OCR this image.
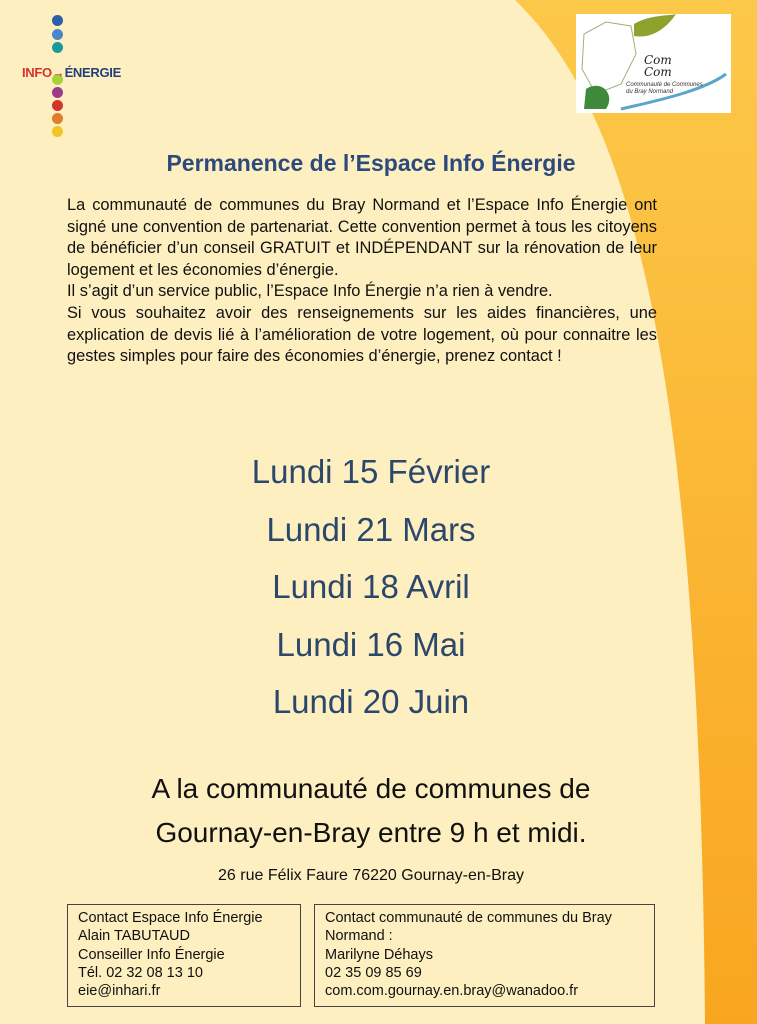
INFO→ÉNERGIE
Com
Com
Communauté de Communes du Bray Normand
Permanence de l’Espace Info Énergie

La communauté de communes du Bray Normand et l’Espace Info Énergie ont signé une convention de partenariat. Cette convention permet à tous les citoyens de bénéficier d’un conseil GRATUIT et INDÉPENDANT sur la rénovation de leur logement et les économies d’énergie.

Il s’agit d’un service public, l’Espace Info Énergie n’a rien à vendre.

Si vous souhaitez avoir des renseignements sur les aides financières, une explication de devis lié à l’amélioration de votre logement, où pour connaitre les gestes simples pour faire des économies d’énergie, prenez contact !

Lundi 15 Février
Lundi 21 Mars
Lundi 18 Avril
Lundi 16 Mai
Lundi 20 Juin
A la communauté de communes de
Gournay-en-Bray entre 9 h et midi.
26 rue Félix Faure 76220 Gournay-en-Bray
Contact Espace Info Énergie
Alain TABUTAUD
Conseiller Info Énergie
Tél. 02 32 08 13 10
eie@inhari.fr
Contact communauté de communes du Bray
Normand :
Marilyne Déhays
02 35 09 85 69
com.com.gournay.en.bray@wanadoo.fr
